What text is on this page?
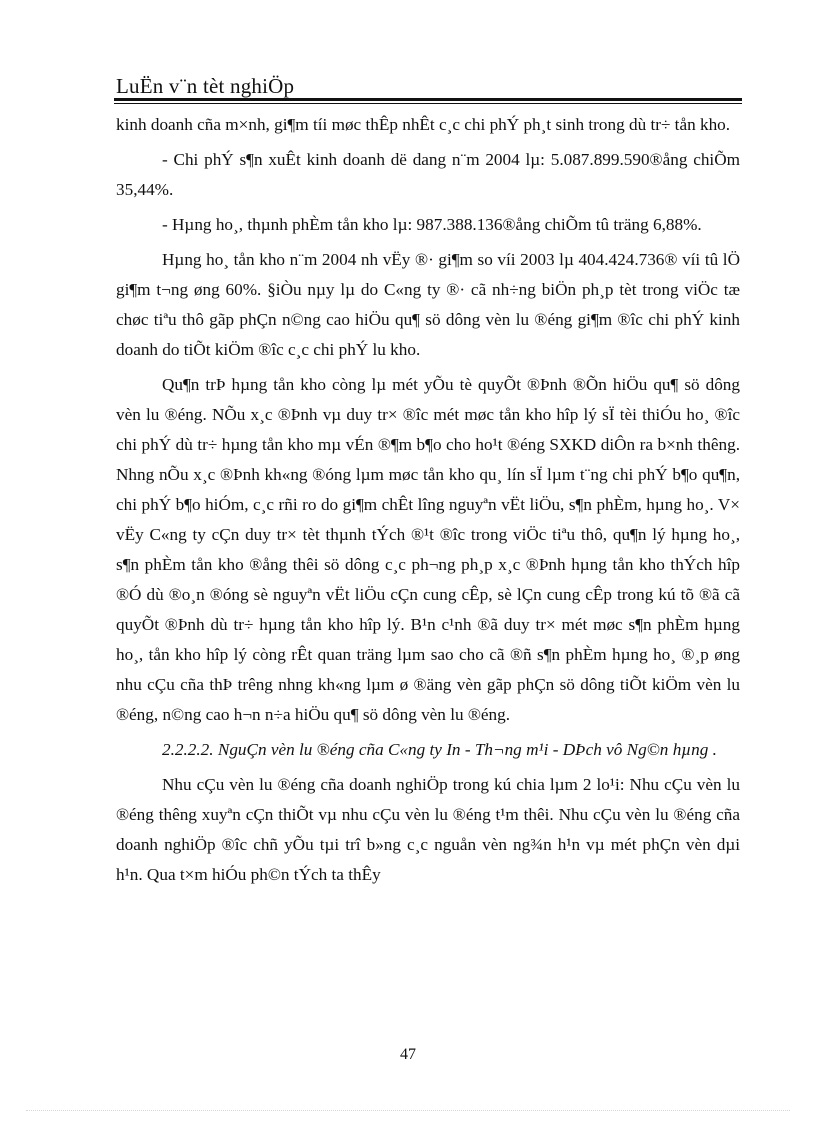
LuËn v¨n tèt nghiÖp

kinh doanh cña m×nh, gi¶m tíi møc thÊp nhÊt c¸c chi phÝ ph¸t sinh trong dù tr÷ tån kho.

- Chi phÝ s¶n xuÊt kinh doanh dë dang n¨m 2004 lµ: 5.087.899.590®ång chiÕm 35,44%.

- Hµng ho¸, thµnh phÈm tån kho lµ: 987.388.136®ång chiÕm tû träng 6,88%.

Hµng ho¸ tån kho n¨m 2004 nh vËy ®· gi¶m so víi 2003 lµ 404.424.736® víi tû lÖ gi¶m t¬ng øng 60%. §iÒu nµy lµ do C«ng ty ®· cã nh÷ng biÖn ph¸p tèt trong viÖc tæ chøc tiªu thô gãp phÇn n©ng cao hiÖu qu¶ sö dông vèn lu ®éng gi¶m ®îc chi phÝ kinh doanh do tiÕt kiÖm ®îc c¸c chi phÝ lu kho.

Qu¶n trÞ hµng tån kho còng lµ mét yÕu tè quyÕt ®Þnh ®Õn hiÖu qu¶ sö dông vèn lu ®éng. NÕu x¸c ®Þnh vµ duy tr× ®îc mét møc tån kho hîp lý sÏ tèi thiÓu ho¸ ®îc chi phÝ dù tr÷ hµng tån kho mµ vÉn ®¶m b¶o cho ho¹t ®éng SXKD diÔn ra b×nh thêng. Nhng nÕu x¸c ®Þnh kh«ng ®óng lµm møc tån kho qu¸ lín sÏ lµm t¨ng chi phÝ b¶o qu¶n, chi phÝ b¶o hiÓm, c¸c rñi ro do gi¶m chÊt lîng nguyªn vËt liÖu, s¶n phÈm, hµng ho¸. V× vËy C«ng ty cÇn duy tr× tèt thµnh tÝch ®¹t ®îc trong viÖc tiªu thô, qu¶n lý hµng ho¸, s¶n phÈm tån kho ®ång thêi sö dông c¸c ph¬ng ph¸p x¸c ®Þnh hµng tån kho thÝch hîp ®Ó dù ®o¸n ®óng sè nguyªn vËt liÖu cÇn cung cÊp, sè lÇn cung cÊp trong kú tõ ®ã cã quyÕt ®Þnh dù tr÷ hµng tån kho hîp lý. B¹n c¹nh ®ã duy tr× mét møc s¶n phÈm hµng ho¸, tån kho hîp lý còng rÊt quan träng lµm sao cho cã ®ñ s¶n phÈm hµng ho¸ ®¸p øng nhu cÇu cña thÞ trêng nhng kh«ng lµm ø ®äng vèn gãp phÇn sö dông tiÕt kiÖm vèn lu ®éng, n©ng cao h¬n n÷a hiÖu qu¶ sö dông vèn lu ®éng.

2.2.2.2. NguÇn vèn lu ®éng cña C«ng ty In - Th¬ng m¹i - DÞch vô Ng©n hµng .

Nhu cÇu vèn lu ®éng cña doanh nghiÖp trong kú chia lµm 2 lo¹i: Nhu cÇu vèn lu ®éng thêng xuyªn cÇn thiÕt vµ nhu cÇu vèn lu ®éng t¹m thêi. Nhu cÇu vèn lu ®éng cña doanh nghiÖp ®îc chñ yÕu tµi trî b»ng c¸c nguån vèn ng¾n h¹n vµ mét phÇn vèn dµi h¹n. Qua t×m hiÓu ph©n tÝch ta thÊy

47
